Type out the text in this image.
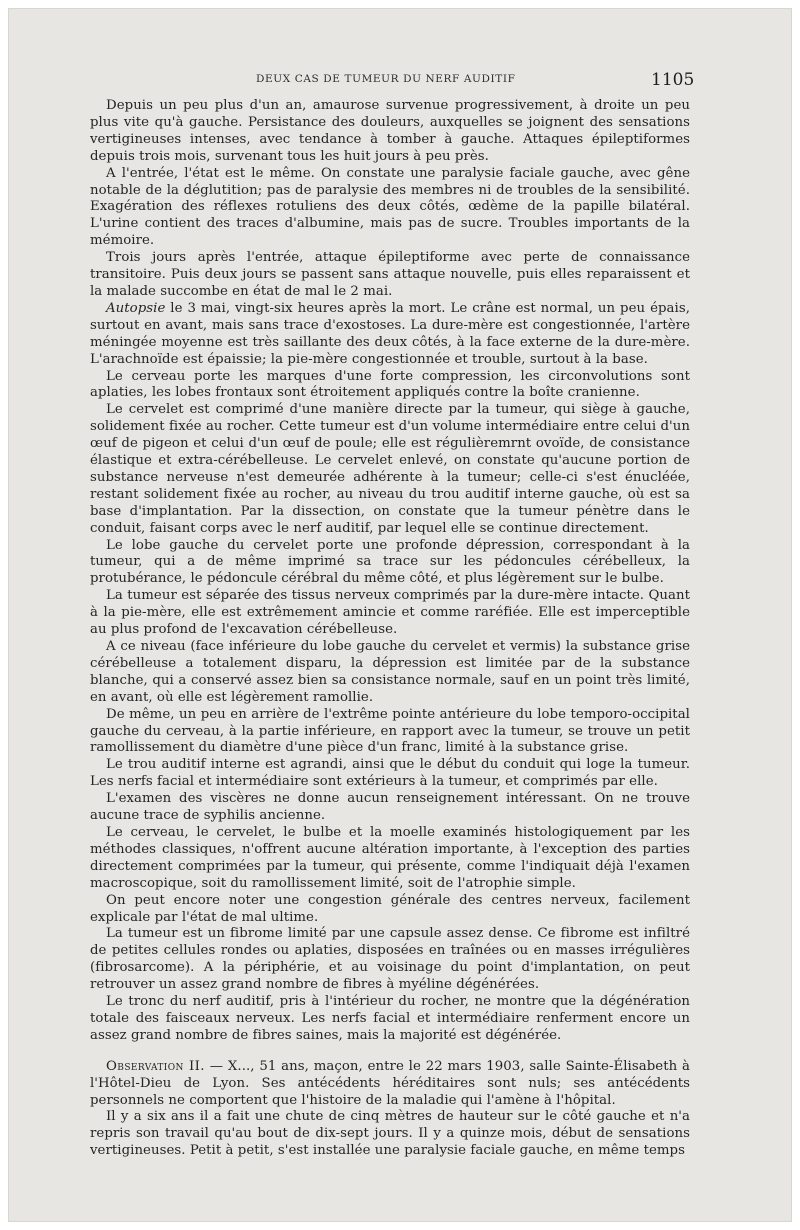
DEUX CAS DE TUMEUR DU NERF AUDITIF	1105

Depuis un peu plus d'un an, amaurose survenue progressivement, à droite un peu plus vite qu'à gauche. Persistance des douleurs, auxquelles se joignent des sensations vertigineuses intenses, avec tendance à tomber à gauche. Attaques épileptiformes depuis trois mois, survenant tous les huit jours à peu près.

A l'entrée, l'état est le même. On constate une paralysie faciale gauche, avec gêne notable de la déglutition; pas de paralysie des membres ni de troubles de la sensibilité. Exagération des réflexes rotuliens des deux côtés, œdème de la papille bilatéral. L'urine contient des traces d'albumine, mais pas de sucre. Troubles importants de la mémoire.

Trois jours après l'entrée, attaque épileptiforme avec perte de connaissance transitoire. Puis deux jours se passent sans attaque nouvelle, puis elles reparaissent et la malade succombe en état de mal le 2 mai.

Autopsie le 3 mai, vingt-six heures après la mort. Le crâne est normal, un peu épais, surtout en avant, mais sans trace d'exostoses. La dure-mère est congestionnée, l'artère méningée moyenne est très saillante des deux côtés, à la face externe de la dure-mère. L'arachnoïde est épaissie; la pie-mère congestionnée et trouble, surtout à la base.

Le cerveau porte les marques d'une forte compression, les circonvolutions sont aplaties, les lobes frontaux sont étroitement appliqués contre la boîte cranienne.

Le cervelet est comprimé d'une manière directe par la tumeur, qui siège à gauche, solidement fixée au rocher. Cette tumeur est d'un volume intermédiaire entre celui d'un œuf de pigeon et celui d'un œuf de poule; elle est régulièremrnt ovoïde, de consistance élastique et extra-cérébelleuse. Le cervelet enlevé, on constate qu'aucune portion de substance nerveuse n'est demeurée adhérente à la tumeur; celle-ci s'est énucléée, restant solidement fixée au rocher, au niveau du trou auditif interne gauche, où est sa base d'implantation. Par la dissection, on constate que la tumeur pénètre dans le conduit, faisant corps avec le nerf auditif, par lequel elle se continue directement.

Le lobe gauche du cervelet porte une profonde dépression, correspondant à la tumeur, qui a de même imprimé sa trace sur les pédoncules cérébelleux, la protubérance, le pédoncule cérébral du même côté, et plus légèrement sur le bulbe.

La tumeur est séparée des tissus nerveux comprimés par la dure-mère intacte. Quant à la pie-mère, elle est extrêmement amincie et comme raréfiée. Elle est imperceptible au plus profond de l'excavation cérébelleuse.

A ce niveau (face inférieure du lobe gauche du cervelet et vermis) la substance grise cérébelleuse a totalement disparu, la dépression est limitée par de la substance blanche, qui a conservé assez bien sa consistance normale, sauf en un point très limité, en avant, où elle est légèrement ramollie.

De même, un peu en arrière de l'extrême pointe antérieure du lobe temporo-occipital gauche du cerveau, à la partie inférieure, en rapport avec la tumeur, se trouve un petit ramollissement du diamètre d'une pièce d'un franc, limité à la substance grise.

Le trou auditif interne est agrandi, ainsi que le début du conduit qui loge la tumeur. Les nerfs facial et intermédiaire sont extérieurs à la tumeur, et comprimés par elle.

L'examen des viscères ne donne aucun renseignement intéressant. On ne trouve aucune trace de syphilis ancienne.

Le cerveau, le cervelet, le bulbe et la moelle examinés histologiquement par les méthodes classiques, n'offrent aucune altération importante, à l'exception des parties directement comprimées par la tumeur, qui présente, comme l'indiquait déjà l'examen macroscopique, soit du ramollissement limité, soit de l'atrophie simple.

On peut encore noter une congestion générale des centres nerveux, facilement explicale par l'état de mal ultime.

La tumeur est un fibrome limité par une capsule assez dense. Ce fibrome est infiltré de petites cellules rondes ou aplaties, disposées en traînées ou en masses irrégulières (fibrosarcome). A la périphérie, et au voisinage du point d'implantation, on peut retrouver un assez grand nombre de fibres à myéline dégénérées.

Le tronc du nerf auditif, pris à l'intérieur du rocher, ne montre que la dégénération totale des faisceaux nerveux. Les nerfs facial et intermédiaire renferment encore un assez grand nombre de fibres saines, mais la majorité est dégénérée.

Observation II. — X..., 51 ans, maçon, entre le 22 mars 1903, salle Sainte-Élisabeth à l'Hôtel-Dieu de Lyon. Ses antécédents héréditaires sont nuls; ses antécédents personnels ne comportent que l'histoire de la maladie qui l'amène à l'hôpital.

Il y a six ans il a fait une chute de cinq mètres de hauteur sur le côté gauche et n'a repris son travail qu'au bout de dix-sept jours. Il y a quinze mois, début de sensations vertigineuses. Petit à petit, s'est installée une paralysie faciale gauche, en même temps
